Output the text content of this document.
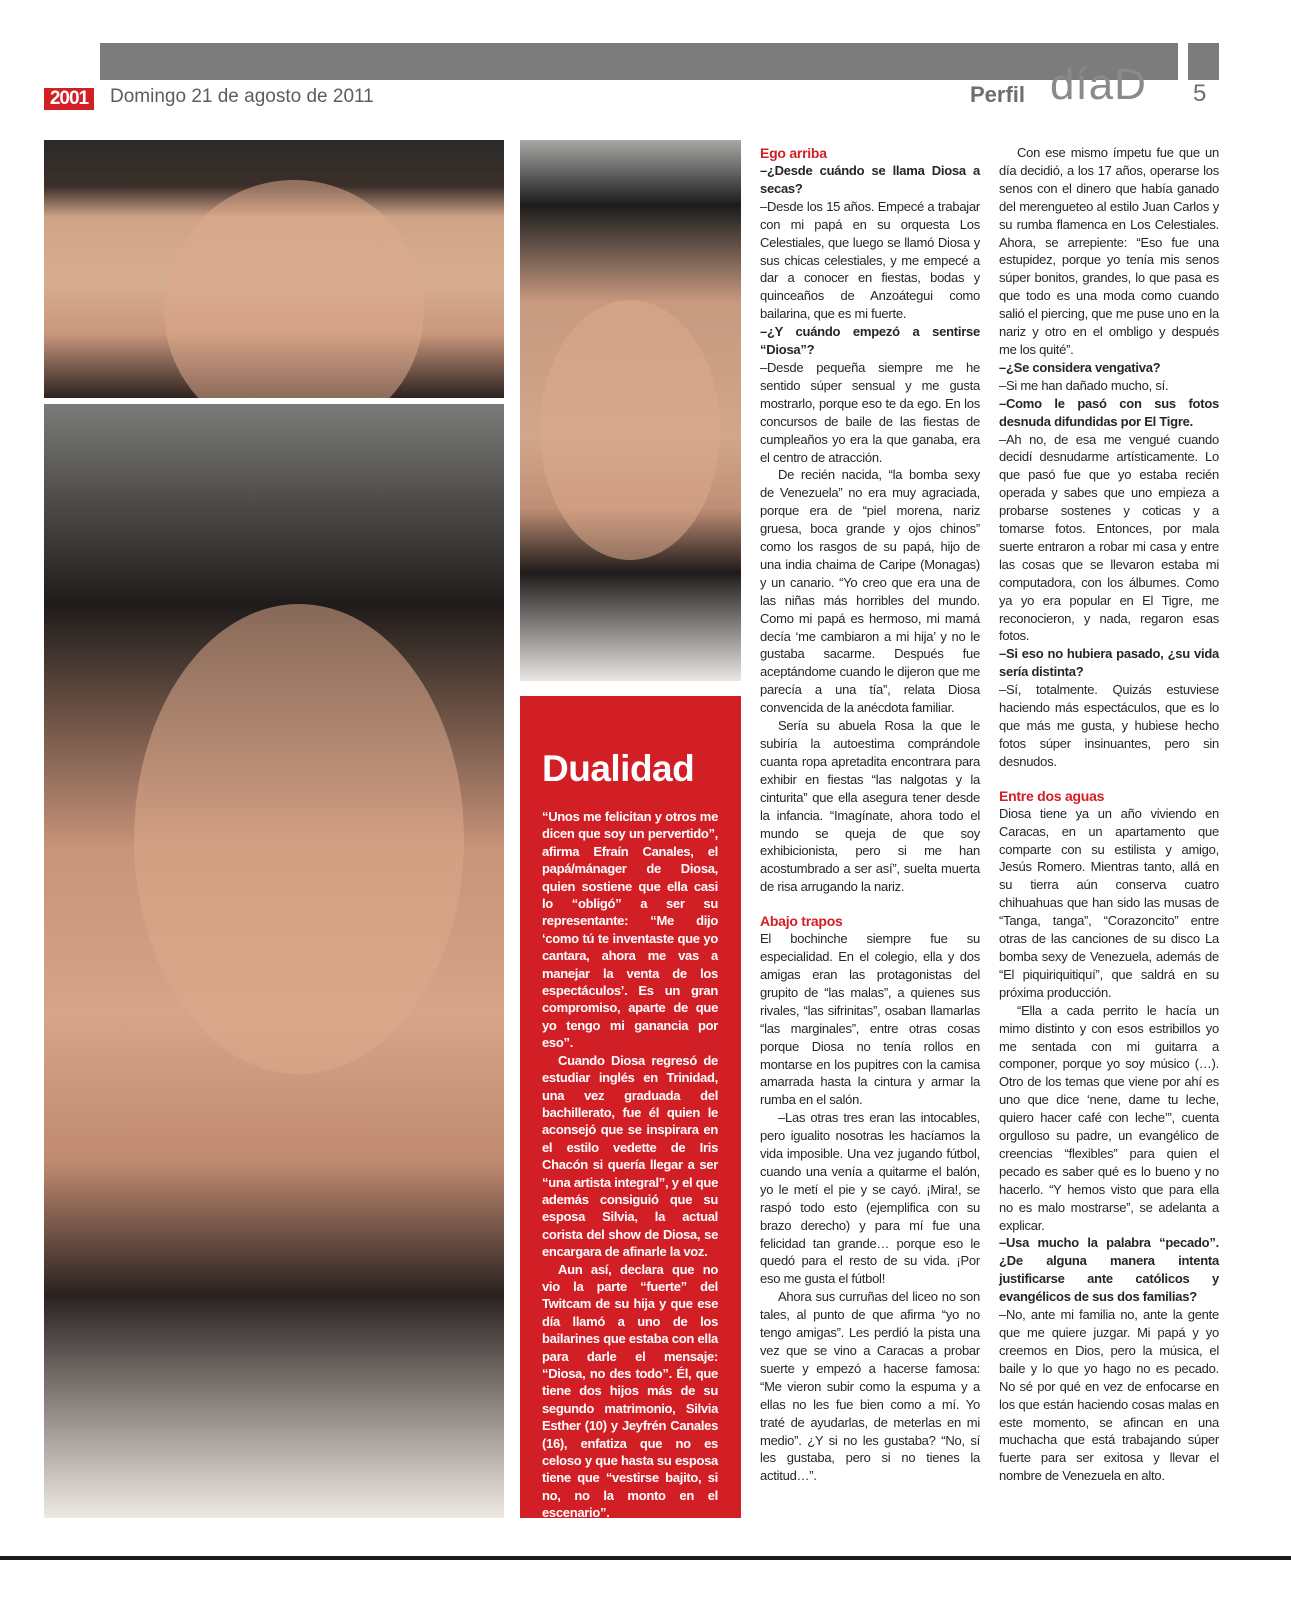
2001	Domingo 21 de agosto de 2011	Perfil díaD 5
Dualidad

“Unos me felicitan y otros me dicen que soy un pervertido”, afirma Efraín Canales, el papá/mánager de Diosa, quien sostiene que ella casi lo “obligó” a ser su representante: “Me dijo ‘como tú te inventaste que yo cantara, ahora me vas a manejar la venta de los espectáculos’. Es un gran compromiso, aparte de que yo tengo mi ganancia por eso”.

Cuando Diosa regresó de estudiar inglés en Trinidad, una vez graduada del bachillerato, fue él quien le aconsejó que se inspirara en el estilo vedette de Iris Chacón si quería llegar a ser “una artista integral”, y el que además consiguió que su esposa Silvia, la actual corista del show de Diosa, se encargara de afinarle la voz.

Aun así, declara que no vio la parte “fuerte” del Twitcam de su hija y que ese día llamó a uno de los bailarines que estaba con ella para darle el mensaje: “Diosa, no des todo”. Él, que tiene dos hijos más de su segundo matrimonio, Silvia Esther (10) y Jeyfrén Canales (16), enfatiza que no es celoso y que hasta su esposa tiene que “vestirse bajito, si no, no la monto en el escenario”.

Ego arriba

–¿Desde cuándo se llama Diosa a secas?

–Desde los 15 años. Empecé a trabajar con mi papá en su orquesta Los Celestiales, que luego se llamó Diosa y sus chicas celestiales, y me empecé a dar a conocer en fiestas, bodas y quinceaños de Anzoátegui como bailarina, que es mi fuerte.

–¿Y cuándo empezó a sentirse “Diosa”?

–Desde pequeña siempre me he sentido súper sensual y me gusta mostrarlo, porque eso te da ego. En los concursos de baile de las fiestas de cumpleaños yo era la que ganaba, era el centro de atracción.

De recién nacida, “la bomba sexy de Venezuela” no era muy agraciada, porque era de “piel morena, nariz gruesa, boca grande y ojos chinos” como los rasgos de su papá, hijo de una india chaima de Caripe (Monagas) y un canario. “Yo creo que era una de las niñas más horribles del mundo. Como mi papá es hermoso, mi mamá decía ‘me cambiaron a mi hija’ y no le gustaba sacarme. Después fue aceptándome cuando le dijeron que me parecía a una tía”, relata Diosa convencida de la anécdota familiar.

Sería su abuela Rosa la que le subiría la autoestima comprándole cuanta ropa apretadita encontrara para exhibir en fiestas “las nalgotas y la cinturita” que ella asegura tener desde la infancia. “Imagínate, ahora todo el mundo se queja de que soy exhibicionista, pero si me han acostumbrado a ser así”, suelta muerta de risa arrugando la nariz.

Abajo trapos

El bochinche siempre fue su especialidad. En el colegio, ella y dos amigas eran las protagonistas del grupito de “las malas”, a quienes sus rivales, “las sifrinitas”, osaban llamarlas “las marginales”, entre otras cosas porque Diosa no tenía rollos en montarse en los pupitres con la camisa amarrada hasta la cintura y armar la rumba en el salón.

–Las otras tres eran las intocables, pero igualito nosotras les hacíamos la vida imposible. Una vez jugando fútbol, cuando una venía a quitarme el balón, yo le metí el pie y se cayó. ¡Mira!, se raspó todo esto (ejemplifica con su brazo derecho) y para mí fue una felicidad tan grande… porque eso le quedó para el resto de su vida. ¡Por eso me gusta el fútbol!

Ahora sus curruñas del liceo no son tales, al punto de que afirma “yo no tengo amigas”. Les perdió la pista una vez que se vino a Caracas a probar suerte y empezó a hacerse famosa: “Me vieron subir como la espuma y a ellas no les fue bien como a mí. Yo traté de ayudarlas, de meterlas en mi medio”. ¿Y si no les gustaba? “No, sí les gustaba, pero si no tienes la actitud…”.

Con ese mismo ímpetu fue que un día decidió, a los 17 años, operarse los senos con el dinero que había ganado del merengueteo al estilo Juan Carlos y su rumba flamenca en Los Celestiales. Ahora, se arrepiente: “Eso fue una estupidez, porque yo tenía mis senos súper bonitos, grandes, lo que pasa es que todo es una moda como cuando salió el piercing, que me puse uno en la nariz y otro en el ombligo y después me los quité”.

–¿Se considera vengativa?

–Si me han dañado mucho, sí.

–Como le pasó con sus fotos desnuda difundidas por El Tigre.

–Ah no, de esa me vengué cuando decidí desnudarme artísticamente. Lo que pasó fue que yo estaba recién operada y sabes que uno empieza a probarse sostenes y coticas y a tomarse fotos. Entonces, por mala suerte entraron a robar mi casa y entre las cosas que se llevaron estaba mi computadora, con los álbumes. Como ya yo era popular en El Tigre, me reconocieron, y nada, regaron esas fotos.

–Si eso no hubiera pasado, ¿su vida sería distinta?

–Sí, totalmente. Quizás estuviese haciendo más espectáculos, que es lo que más me gusta, y hubiese hecho fotos súper insinuantes, pero sin desnudos.

Entre dos aguas

Diosa tiene ya un año viviendo en Caracas, en un apartamento que comparte con su estilista y amigo, Jesús Romero. Mientras tanto, allá en su tierra aún conserva cuatro chihuahuas que han sido las musas de “Tanga, tanga”, “Corazoncito” entre otras de las canciones de su disco La bomba sexy de Venezuela, además de “El piquiriquitiquí”, que saldrá en su próxima producción.

“Ella a cada perrito le hacía un mimo distinto y con esos estribillos yo me sentada con mi guitarra a componer, porque yo soy músico (…). Otro de los temas que viene por ahí es uno que dice ‘nene, dame tu leche, quiero hacer café con leche’”, cuenta orgulloso su padre, un evangélico de creencias “flexibles” para quien el pecado es saber qué es lo bueno y no hacerlo. “Y hemos visto que para ella no es malo mostrarse”, se adelanta a explicar.

–Usa mucho la palabra “pecado”. ¿De alguna manera intenta justificarse ante católicos y evangélicos de sus dos familias?

–No, ante mi familia no, ante la gente que me quiere juzgar. Mi papá y yo creemos en Dios, pero la música, el baile y lo que yo hago no es pecado. No sé por qué en vez de enfocarse en los que están haciendo cosas malas en este momento, se afincan en una muchacha que está trabajando súper fuerte para ser exitosa y llevar el nombre de Venezuela en alto.
